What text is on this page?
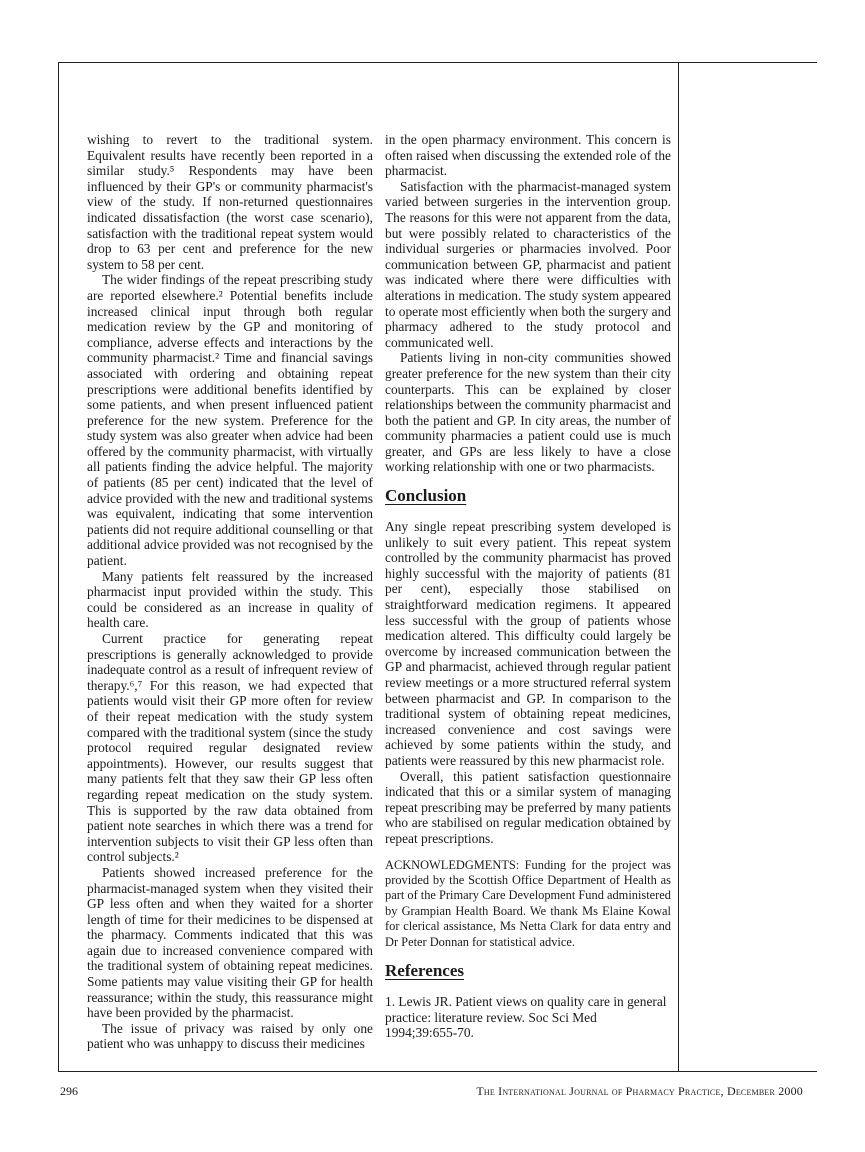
wishing to revert to the traditional system. Equivalent results have recently been reported in a similar study.⁵ Respondents may have been influenced by their GP's or community pharmacist's view of the study. If non-returned questionnaires indicated dissatisfaction (the worst case scenario), satisfaction with the traditional repeat system would drop to 63 per cent and preference for the new system to 58 per cent.

The wider findings of the repeat prescribing study are reported elsewhere.² Potential benefits include increased clinical input through both regular medication review by the GP and monitoring of compliance, adverse effects and interactions by the community pharmacist.² Time and financial savings associated with ordering and obtaining repeat prescriptions were additional benefits identified by some patients, and when present influenced patient preference for the new system. Preference for the study system was also greater when advice had been offered by the community pharmacist, with virtually all patients finding the advice helpful. The majority of patients (85 per cent) indicated that the level of advice provided with the new and traditional systems was equivalent, indicating that some intervention patients did not require additional counselling or that additional advice provided was not recognised by the patient.

Many patients felt reassured by the increased pharmacist input provided within the study. This could be considered as an increase in quality of health care.

Current practice for generating repeat prescriptions is generally acknowledged to provide inadequate control as a result of infrequent review of therapy.⁶,⁷ For this reason, we had expected that patients would visit their GP more often for review of their repeat medication with the study system compared with the traditional system (since the study protocol required regular designated review appointments). However, our results suggest that many patients felt that they saw their GP less often regarding repeat medication on the study system. This is supported by the raw data obtained from patient note searches in which there was a trend for intervention subjects to visit their GP less often than control subjects.²

Patients showed increased preference for the pharmacist-managed system when they visited their GP less often and when they waited for a shorter length of time for their medicines to be dispensed at the pharmacy. Comments indicated that this was again due to increased convenience compared with the traditional system of obtaining repeat medicines. Some patients may value visiting their GP for health reassurance; within the study, this reassurance might have been provided by the pharmacist.

The issue of privacy was raised by only one patient who was unhappy to discuss their medicines

in the open pharmacy environment. This concern is often raised when discussing the extended role of the pharmacist.

Satisfaction with the pharmacist-managed system varied between surgeries in the intervention group. The reasons for this were not apparent from the data, but were possibly related to characteristics of the individual surgeries or pharmacies involved. Poor communication between GP, pharmacist and patient was indicated where there were difficulties with alterations in medication. The study system appeared to operate most efficiently when both the surgery and pharmacy adhered to the study protocol and communicated well.

Patients living in non-city communities showed greater preference for the new system than their city counterparts. This can be explained by closer relationships between the community pharmacist and both the patient and GP. In city areas, the number of community pharmacies a patient could use is much greater, and GPs are less likely to have a close working relationship with one or two pharmacists.

Conclusion

Any single repeat prescribing system developed is unlikely to suit every patient. This repeat system controlled by the community pharmacist has proved highly successful with the majority of patients (81 per cent), especially those stabilised on straightforward medication regimens. It appeared less successful with the group of patients whose medication altered. This difficulty could largely be overcome by increased communication between the GP and pharmacist, achieved through regular patient review meetings or a more structured referral system between pharmacist and GP. In comparison to the traditional system of obtaining repeat medicines, increased convenience and cost savings were achieved by some patients within the study, and patients were reassured by this new pharmacist role.

Overall, this patient satisfaction questionnaire indicated that this or a similar system of managing repeat prescribing may be preferred by many patients who are stabilised on regular medication obtained by repeat prescriptions.

ACKNOWLEDGMENTS: Funding for the project was provided by the Scottish Office Department of Health as part of the Primary Care Development Fund administered by Grampian Health Board. We thank Ms Elaine Kowal for clerical assistance, Ms Netta Clark for data entry and Dr Peter Donnan for statistical advice.

References

1. Lewis JR. Patient views on quality care in general practice: literature review. Soc Sci Med 1994;39:655-70.

296	The International Journal of Pharmacy Practice, December 2000
